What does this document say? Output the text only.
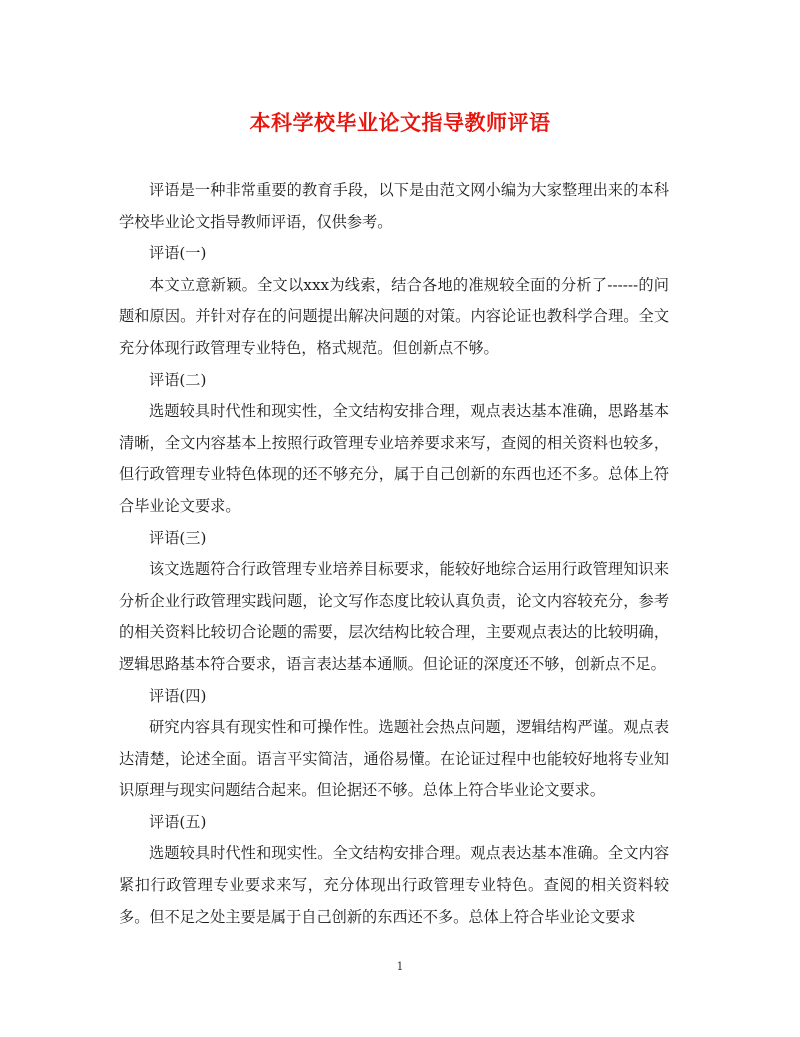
本科学校毕业论文指导教师评语

评语是一种非常重要的教育手段，以下是由范文网小编为大家整理出来的本科学校毕业论文指导教师评语，仅供参考。

评语(一)

本文立意新颖。全文以xxx为线索，结合各地的准规较全面的分析了------的问题和原因。并针对存在的问题提出解决问题的对策。内容论证也教科学合理。全文充分体现行政管理专业特色，格式规范。但创新点不够。

评语(二)

选题较具时代性和现实性，全文结构安排合理，观点表达基本准确，思路基本清晰，全文内容基本上按照行政管理专业培养要求来写，查阅的相关资料也较多，但行政管理专业特色体现的还不够充分，属于自己创新的东西也还不多。总体上符合毕业论文要求。

评语(三)

该文选题符合行政管理专业培养目标要求，能较好地综合运用行政管理知识来分析企业行政管理实践问题，论文写作态度比较认真负责，论文内容较充分，参考的相关资料比较切合论题的需要，层次结构比较合理，主要观点表达的比较明确，逻辑思路基本符合要求，语言表达基本通顺。但论证的深度还不够，创新点不足。

评语(四)

研究内容具有现实性和可操作性。选题社会热点问题，逻辑结构严谨。观点表达清楚，论述全面。语言平实简洁，通俗易懂。在论证过程中也能较好地将专业知识原理与现实问题结合起来。但论据还不够。总体上符合毕业论文要求。

评语(五)

选题较具时代性和现实性。全文结构安排合理。观点表达基本准确。全文内容紧扣行政管理专业要求来写，充分体现出行政管理专业特色。查阅的相关资料较多。但不足之处主要是属于自己创新的东西还不多。总体上符合毕业论文要求

1
